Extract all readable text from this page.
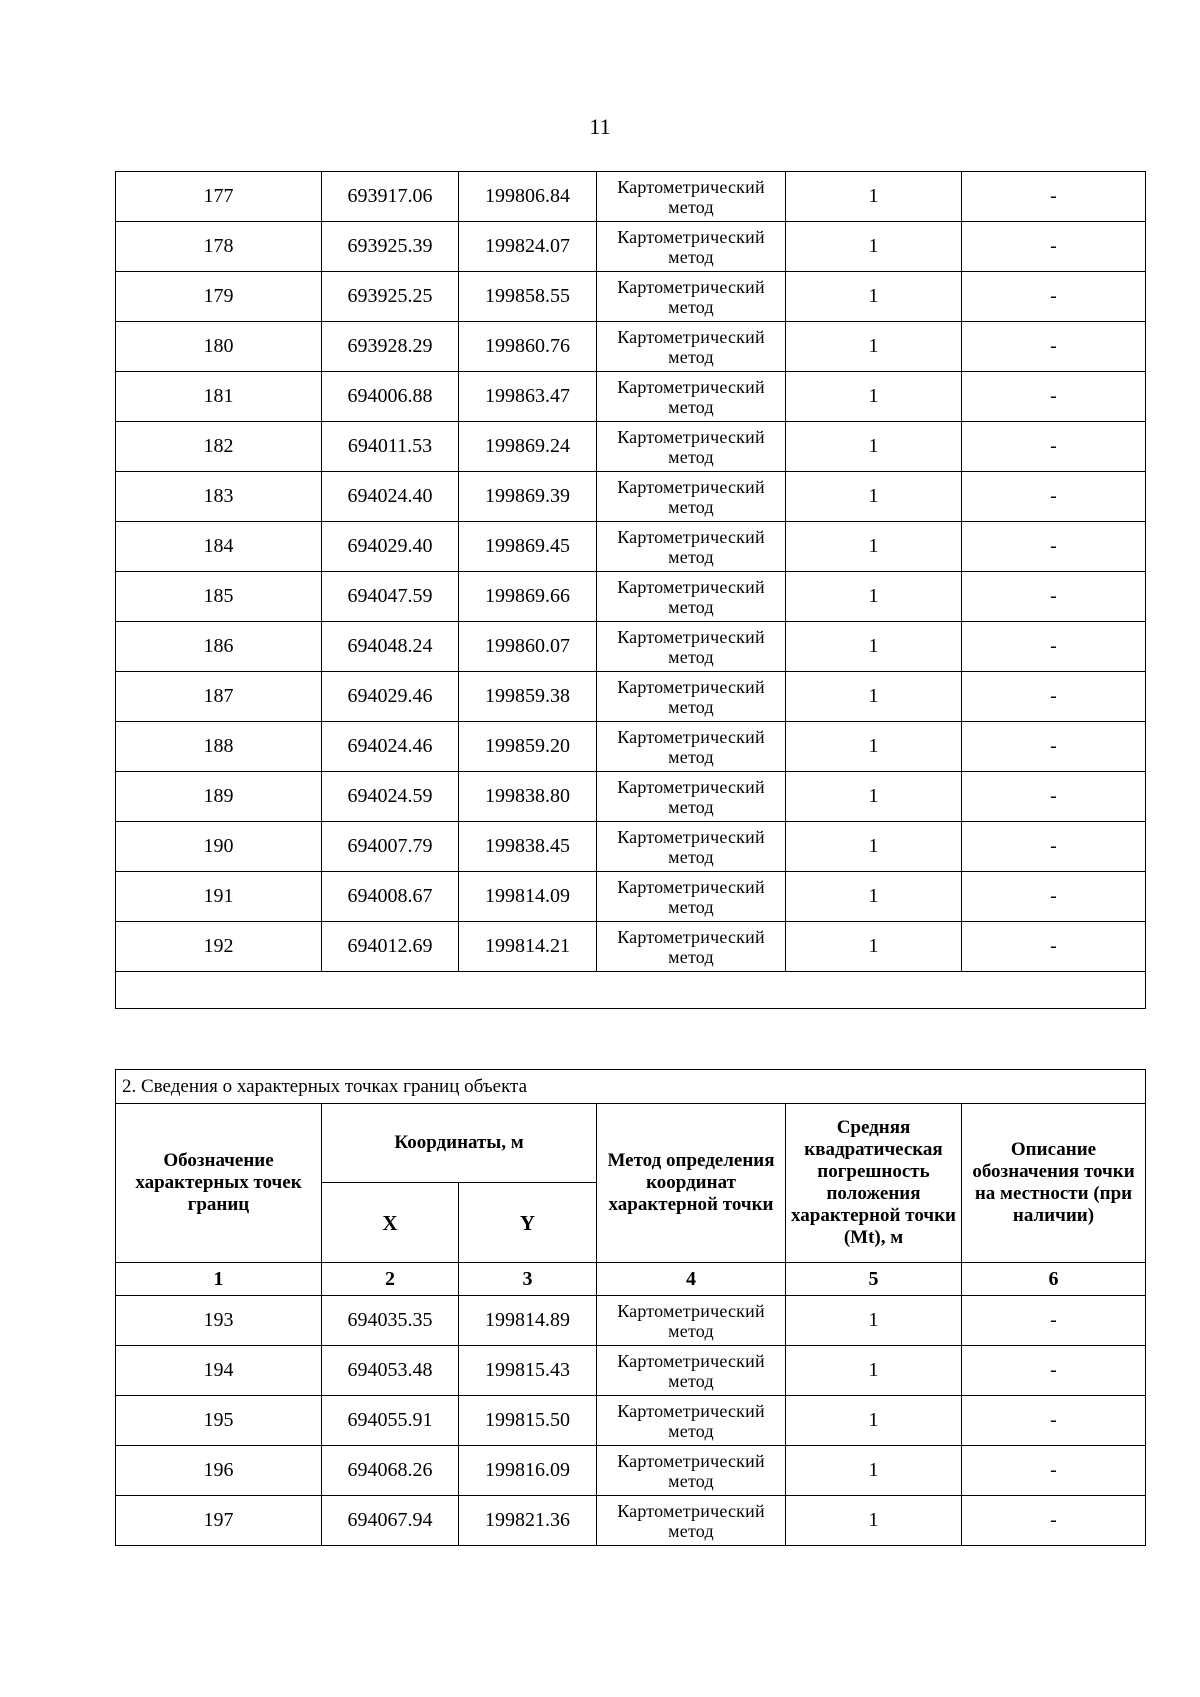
11
177	693917.06	199806.84	Картометрический метод	1	-
178	693925.39	199824.07	Картометрический метод	1	-
179	693925.25	199858.55	Картометрический метод	1	-
180	693928.29	199860.76	Картометрический метод	1	-
181	694006.88	199863.47	Картометрический метод	1	-
182	694011.53	199869.24	Картометрический метод	1	-
183	694024.40	199869.39	Картометрический метод	1	-
184	694029.40	199869.45	Картометрический метод	1	-
185	694047.59	199869.66	Картометрический метод	1	-
186	694048.24	199860.07	Картометрический метод	1	-
187	694029.46	199859.38	Картометрический метод	1	-
188	694024.46	199859.20	Картометрический метод	1	-
189	694024.59	199838.80	Картометрический метод	1	-
190	694007.79	199838.45	Картометрический метод	1	-
191	694008.67	199814.09	Картометрический метод	1	-
192	694012.69	199814.21	Картометрический метод	1	-

2. Сведения о характерных точках границ объекта					
Обозначение характерных точек границ	Координаты, м		Метод определения координат характерной точки	Средняя квадратическая погрешность положения характерной точки (Mt), м	Описание обозначения точки на местности (при наличии)
	X	Y			
1	2	3	4	5	6
193	694035.35	199814.89	Картометрический метод	1	-
194	694053.48	199815.43	Картометрический метод	1	-
195	694055.91	199815.50	Картометрический метод	1	-
196	694068.26	199816.09	Картометрический метод	1	-
197	694067.94	199821.36	Картометрический метод	1	-
